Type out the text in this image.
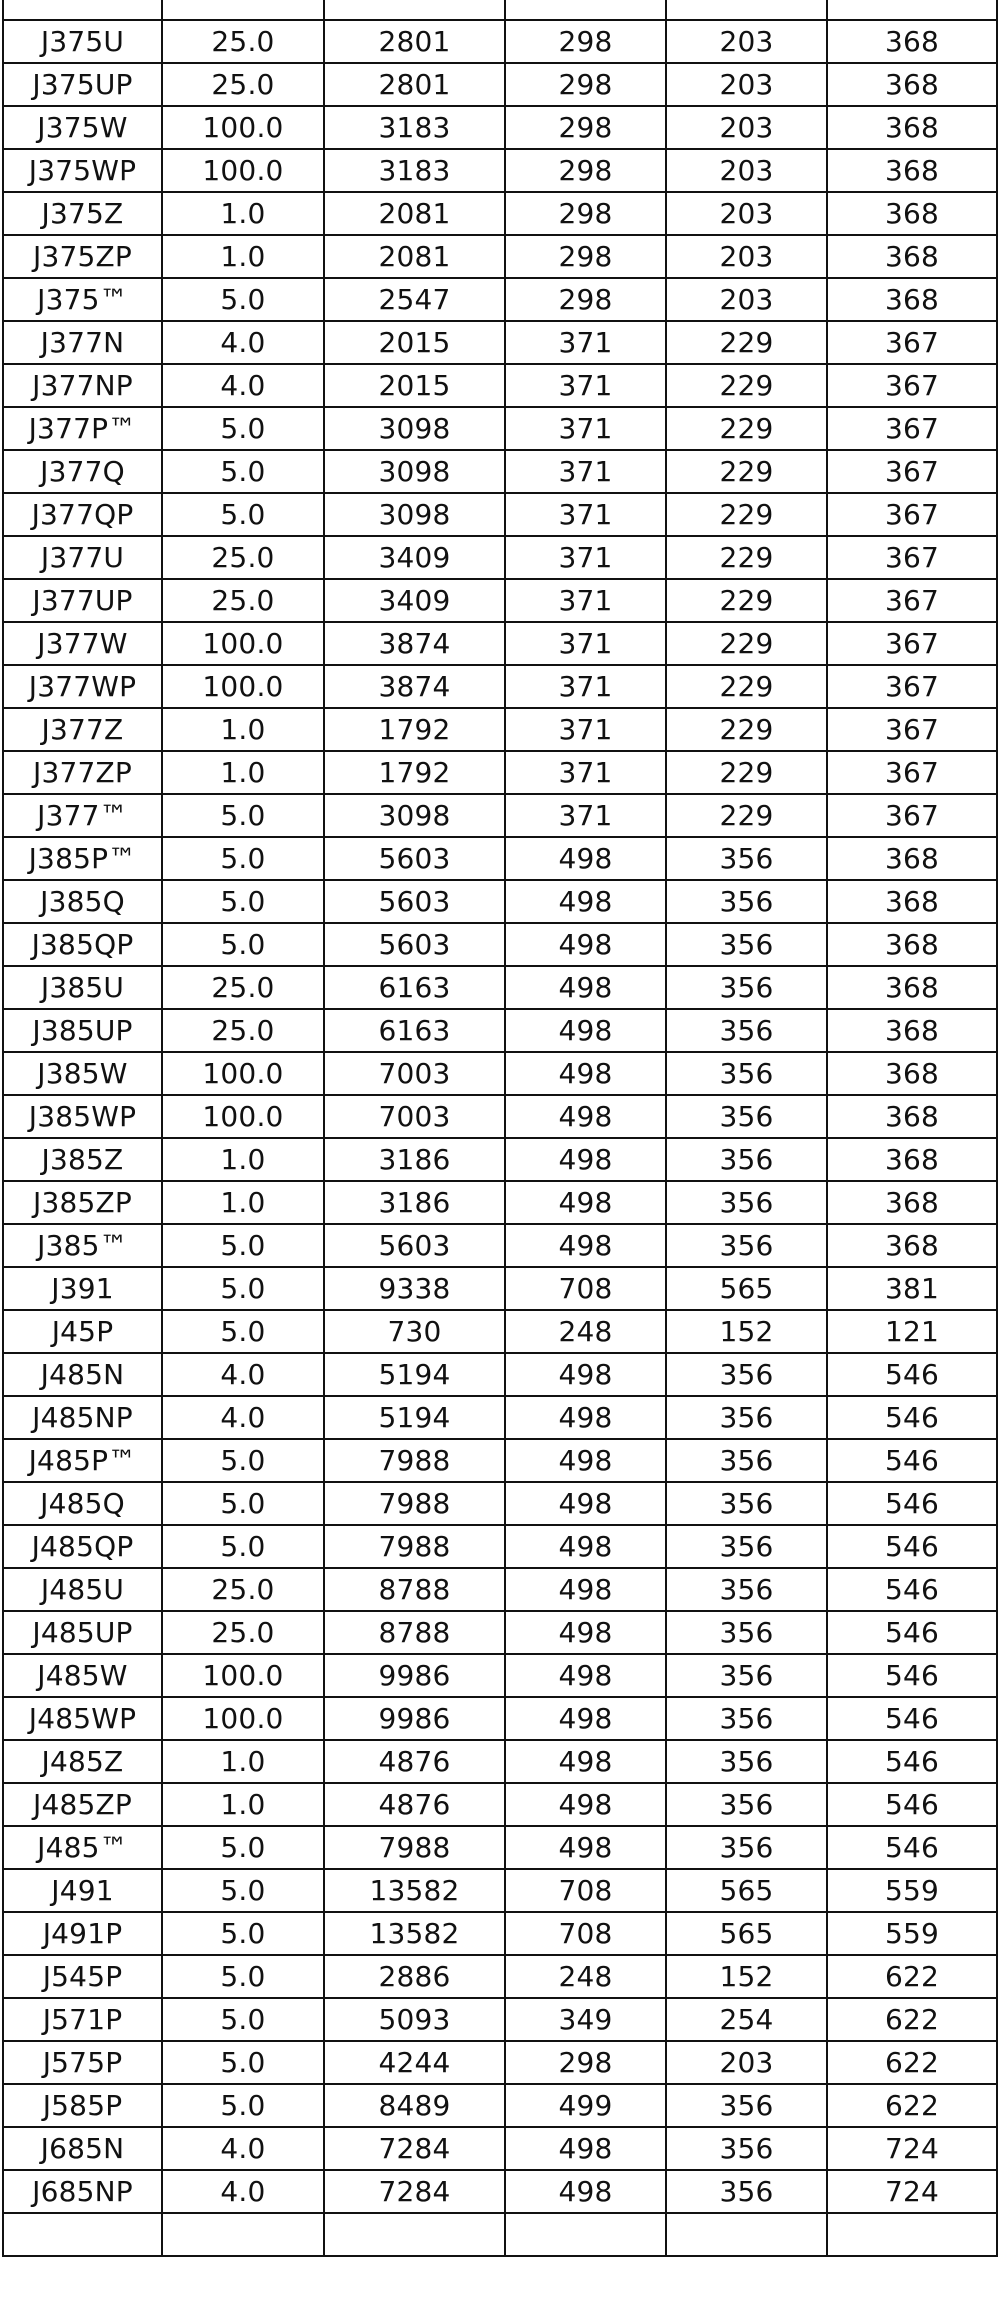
J375U	25.0	2801	298	203	368
J375UP	25.0	2801	298	203	368
J375W	100.0	3183	298	203	368
J375WP	100.0	3183	298	203	368
J375Z	1.0	2081	298	203	368
J375ZP	1.0	2081	298	203	368
J375™	5.0	2547	298	203	368
J377N	4.0	2015	371	229	367
J377NP	4.0	2015	371	229	367
J377P™	5.0	3098	371	229	367
J377Q	5.0	3098	371	229	367
J377QP	5.0	3098	371	229	367
J377U	25.0	3409	371	229	367
J377UP	25.0	3409	371	229	367
J377W	100.0	3874	371	229	367
J377WP	100.0	3874	371	229	367
J377Z	1.0	1792	371	229	367
J377ZP	1.0	1792	371	229	367
J377™	5.0	3098	371	229	367
J385P™	5.0	5603	498	356	368
J385Q	5.0	5603	498	356	368
J385QP	5.0	5603	498	356	368
J385U	25.0	6163	498	356	368
J385UP	25.0	6163	498	356	368
J385W	100.0	7003	498	356	368
J385WP	100.0	7003	498	356	368
J385Z	1.0	3186	498	356	368
J385ZP	1.0	3186	498	356	368
J385™	5.0	5603	498	356	368
J391	5.0	9338	708	565	381
J45P	5.0	730	248	152	121
J485N	4.0	5194	498	356	546
J485NP	4.0	5194	498	356	546
J485P™	5.0	7988	498	356	546
J485Q	5.0	7988	498	356	546
J485QP	5.0	7988	498	356	546
J485U	25.0	8788	498	356	546
J485UP	25.0	8788	498	356	546
J485W	100.0	9986	498	356	546
J485WP	100.0	9986	498	356	546
J485Z	1.0	4876	498	356	546
J485ZP	1.0	4876	498	356	546
J485™	5.0	7988	498	356	546
J491	5.0	13582	708	565	559
J491P	5.0	13582	708	565	559
J545P	5.0	2886	248	152	622
J571P	5.0	5093	349	254	622
J575P	5.0	4244	298	203	622
J585P	5.0	8489	499	356	622
J685N	4.0	7284	498	356	724
J685NP	4.0	7284	498	356	724
